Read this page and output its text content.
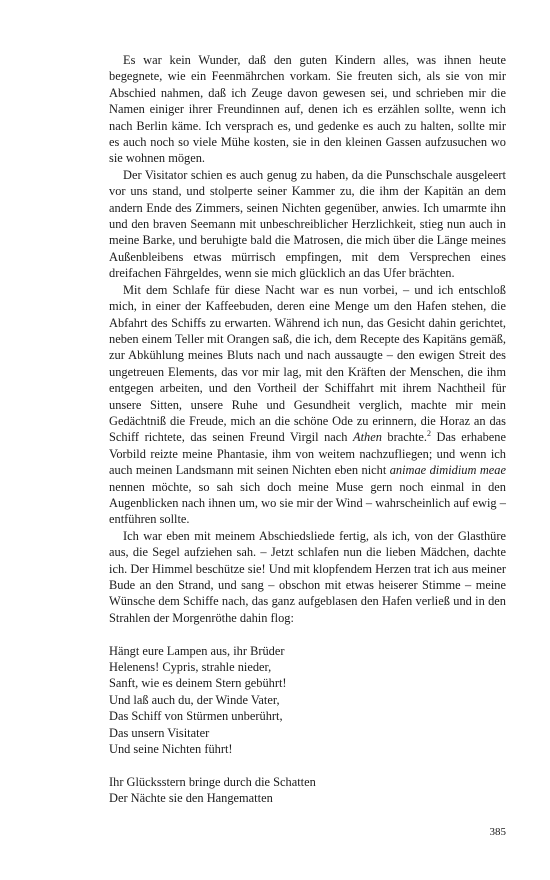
Es war kein Wunder, daß den guten Kindern alles, was ihnen heute begegnete, wie ein Feenmährchen vorkam. Sie freuten sich, als sie von mir Abschied nahmen, daß ich Zeuge davon gewesen sei, und schrieben mir die Namen einiger ihrer Freundinnen auf, denen ich es erzählen sollte, wenn ich nach Berlin käme. Ich versprach es, und gedenke es auch zu halten, sollte mir es auch noch so viele Mühe kosten, sie in den kleinen Gassen aufzusuchen wo sie wohnen mögen.

Der Visitator schien es auch genug zu haben, da die Punschschale ausgeleert vor uns stand, und stolperte seiner Kammer zu, die ihm der Kapitän an dem andern Ende des Zimmers, seinen Nichten gegenüber, anwies. Ich umarmte ihn und den braven Seemann mit unbeschreiblicher Herzlichkeit, stieg nun auch in meine Barke, und beruhigte bald die Matrosen, die mich über die Länge meines Außenbleibens etwas mürrisch empfingen, mit dem Versprechen eines dreifachen Fährgeldes, wenn sie mich glücklich an das Ufer brächten.

Mit dem Schlafe für diese Nacht war es nun vorbei, – und ich entschloß mich, in einer der Kaffeebuden, deren eine Menge um den Hafen stehen, die Abfahrt des Schiffs zu erwarten. Während ich nun, das Gesicht dahin gerichtet, neben einem Teller mit Orangen saß, die ich, dem Recepte des Kapitäns gemäß, zur Abkühlung meines Bluts nach und nach aussaugte – den ewigen Streit des ungetreuen Elements, das vor mir lag, mit den Kräften der Menschen, die ihm entgegen arbeiten, und den Vortheil der Schiffahrt mit ihrem Nachtheil für unsere Sitten, unsere Ruhe und Gesundheit verglich, machte mir mein Gedächtniß die Freude, mich an die schöne Ode zu erinnern, die Horaz an das Schiff richtete, das seinen Freund Virgil nach Athen brachte.$^2$ Das erhabene Vorbild reizte meine Phantasie, ihm von weitem nachzufliegen; und wenn ich auch meinen Landsmann mit seinen Nichten eben nicht animae dimidium meae nennen möchte, so sah sich doch meine Muse gern noch einmal in den Augenblicken nach ihnen um, wo sie mir der Wind – wahrscheinlich auf ewig – entführen sollte.

Ich war eben mit meinem Abschiedsliede fertig, als ich, von der Glasthüre aus, die Segel aufziehen sah. – Jetzt schlafen nun die lieben Mädchen, dachte ich. Der Himmel beschütze sie! Und mit klopfendem Herzen trat ich aus meiner Bude an den Strand, und sang – obschon mit etwas heiserer Stimme – meine Wünsche dem Schiffe nach, das ganz aufgeblasen den Hafen verließ und in den Strahlen der Morgenröthe dahin flog:

Hängt eure Lampen aus, ihr Brüder
Helenens! Cypris, strahle nieder,
Sanft, wie es deinem Stern gebührt!
Und laß auch du, der Winde Vater,
Das Schiff von Stürmen unberührt,
Das unsern Visitater
Und seine Nichten führt!
Ihr Glücksstern bringe durch die Schatten
Der Nächte sie den Hangematten
385
